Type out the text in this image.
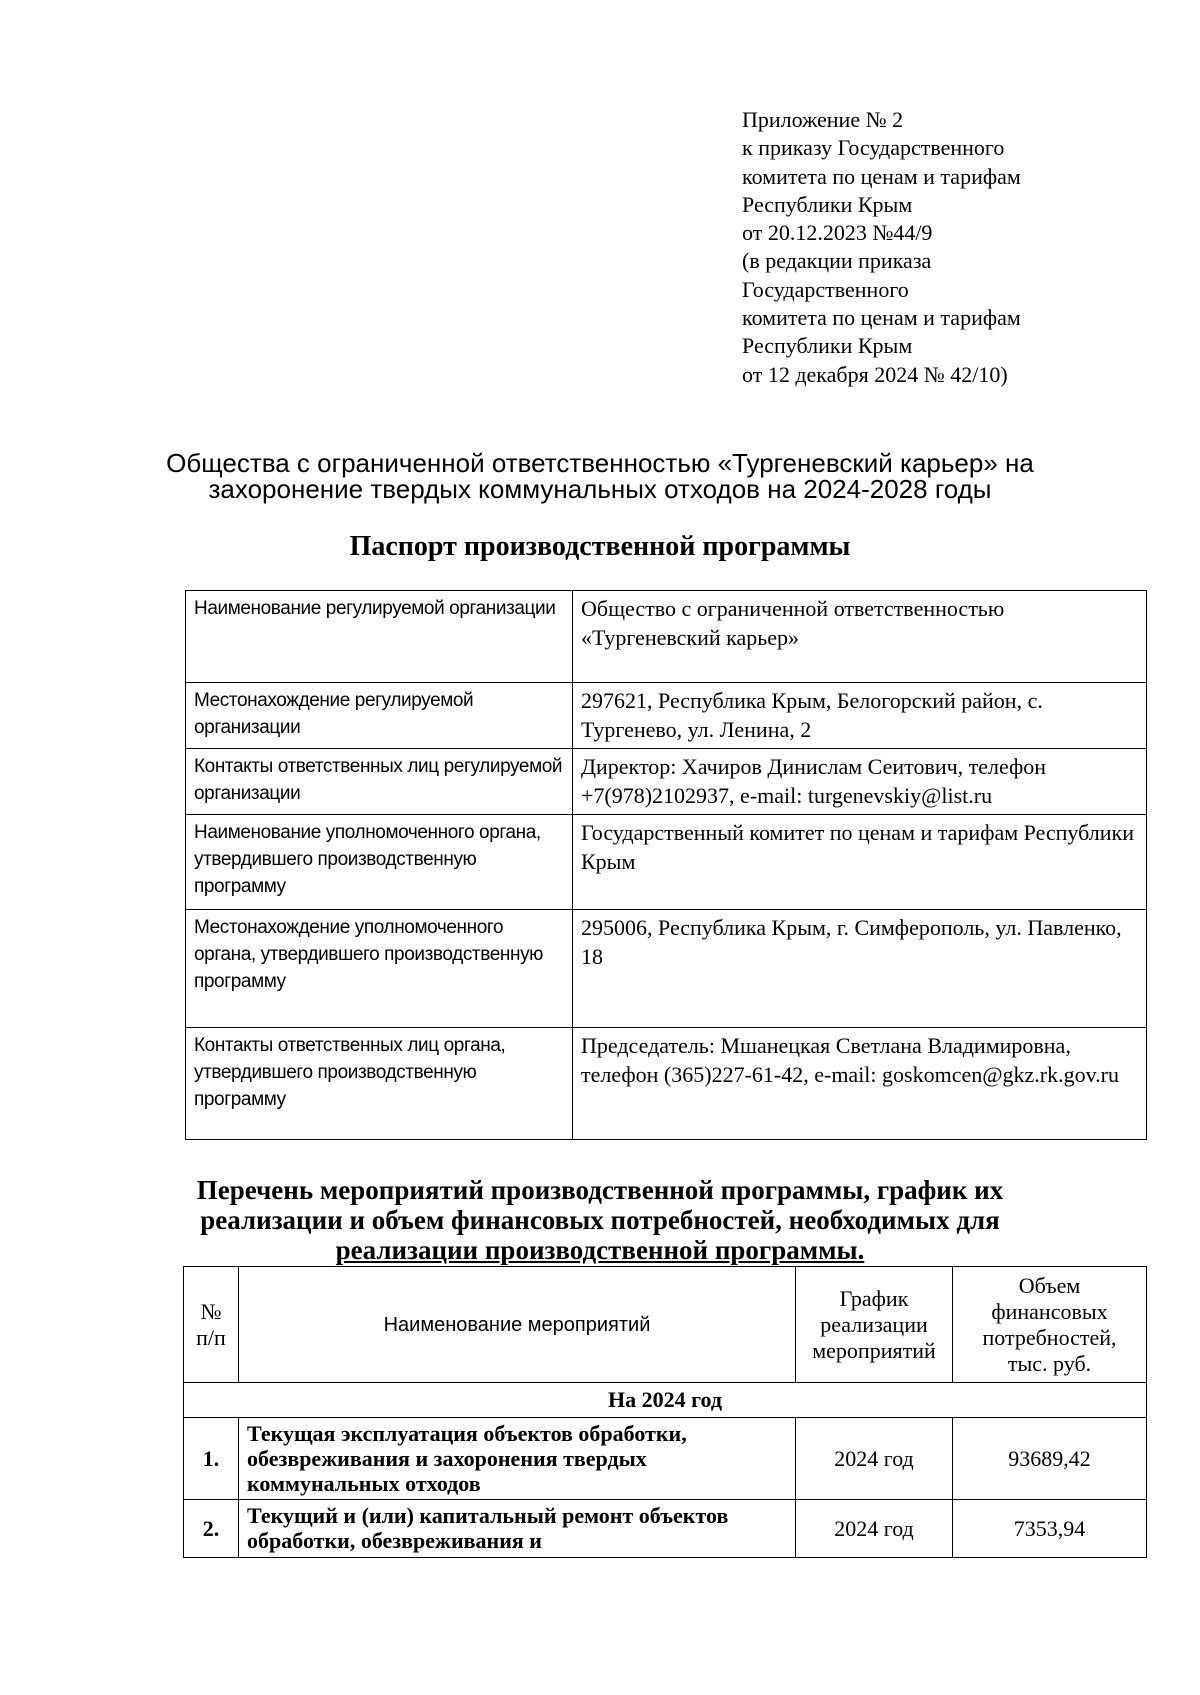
Приложение № 2
к приказу Государственного
комитета по ценам и тарифам
Республики Крым
от 20.12.2023 №44/9
(в редакции приказа
Государственного
комитета по ценам и тарифам
Республики Крым
от 12 декабря 2024 № 42/10)
Общества с ограниченной ответственностью «Тургеневский карьер» на
захоронение твердых коммунальных отходов на 2024-2028 годы
Паспорт производственной программы
Наименование регулируемой организации	Общество с ограниченной ответственностью «Тургеневский карьер»
Местонахождение регулируемой организации	297621, Республика Крым, Белогорский район, с. Тургенево, ул. Ленина, 2
Контакты ответственных лиц регулируемой организации	Директор: Хачиров Динислам Сеитович, телефон +7(978)2102937, e-mail: turgenevskiy@list.ru
Наименование уполномоченного органа, утвердившего производственную программу	Государственный комитет по ценам и тарифам Республики Крым
Местонахождение уполномоченного органа, утвердившего производственную программу	295006, Республика Крым, г. Симферополь, ул. Павленко, 18
Контакты ответственных лиц органа, утвердившего производственную программу	Председатель: Мшанецкая Светлана Владимировна, телефон (365)227-61-42, e-mail: goskomcen@gkz.rk.gov.ru
Перечень мероприятий производственной программы, график их
реализации и объем финансовых потребностей, необходимых для
реализации производственной программы.
№ п/п	Наименование мероприятий	График реализации мероприятий	Объем финансовых потребностей, тыс. руб.
На 2024 год			
1.	Текущая эксплуатация объектов обработки, обезвреживания и захоронения твердых коммунальных отходов	2024 год	93689,42
2.	Текущий и (или) капитальный ремонт объектов обработки, обезвреживания и	2024 год	7353,94
